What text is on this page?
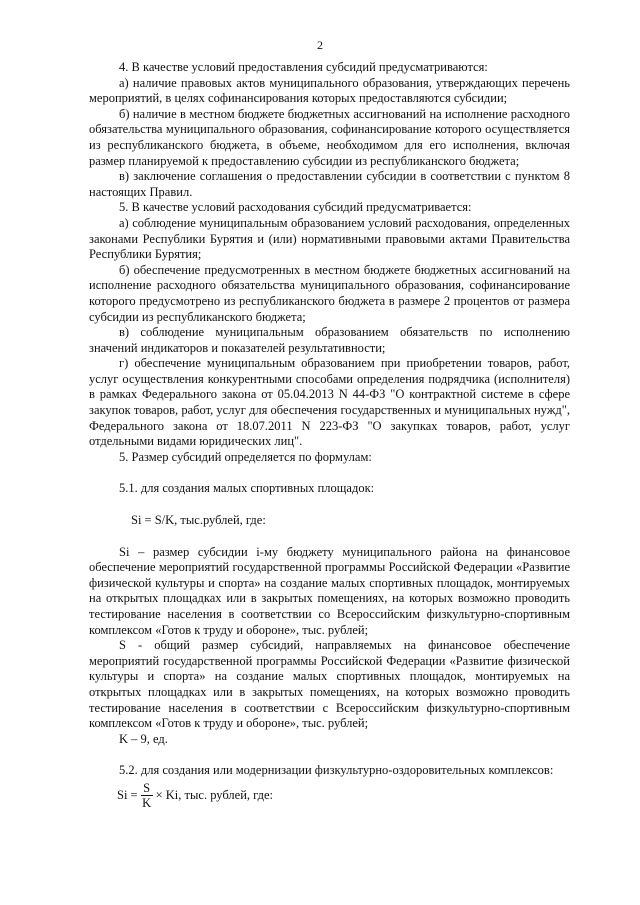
2

4. В качестве условий предоставления субсидий предусматриваются:

а) наличие правовых актов муниципального образования, утверждающих перечень мероприятий, в целях софинансирования которых предоставляются субсидии;

б) наличие в местном бюджете бюджетных ассигнований на исполнение расходного обязательства муниципального образования, софинансирование которого осуществляется из республиканского бюджета, в объеме, необходимом для его исполнения, включая размер планируемой к предоставлению субсидии из республиканского бюджета;

в) заключение соглашения о предоставлении субсидии в соответствии с пунктом 8 настоящих Правил.

5. В качестве условий расходования субсидий предусматривается:

а) соблюдение муниципальным образованием условий расходования, определенных законами Республики Бурятия и (или) нормативными правовыми актами Правительства Республики Бурятия;

б) обеспечение предусмотренных в местном бюджете бюджетных ассигнований на исполнение расходного обязательства муниципального образования, софинансирование которого предусмотрено из республиканского бюджета в размере 2 процентов от размера субсидии из республиканского бюджета;

в) соблюдение муниципальным образованием обязательств по исполнению значений индикаторов и показателей результативности;

г) обеспечение муниципальным образованием при приобретении товаров, работ, услуг осуществления конкурентными способами определения подрядчика (исполнителя) в рамках Федерального закона от 05.04.2013 N 44-ФЗ "О контрактной системе в сфере закупок товаров, работ, услуг для обеспечения государственных и муниципальных нужд", Федерального закона от 18.07.2011 N 223-ФЗ "О закупках товаров, работ, услуг отдельными видами юридических лиц".

5. Размер субсидий определяется по формулам:

5.1. для создания малых спортивных площадок:

Si = S/K, тыс.рублей, где:

Si – размер субсидии i-му бюджету муниципального района на финансовое обеспечение мероприятий государственной программы Российской Федерации «Развитие физической культуры и спорта» на создание малых спортивных площадок, монтируемых на открытых площадках или в закрытых помещениях, на которых возможно проводить тестирование населения в соответствии со Всероссийским физкультурно-спортивным комплексом «Готов к труду и обороне», тыс. рублей;

S - общий размер субсидий, направляемых на финансовое обеспечение мероприятий государственной программы Российской Федерации «Развитие физической культуры и спорта» на создание малых спортивных площадок, монтируемых на открытых площадках или в закрытых помещениях, на которых возможно проводить тестирование населения в соответствии с Всероссийским физкультурно-спортивным комплексом «Готов к труду и обороне», тыс. рублей;

K – 9, ед.

5.2. для создания или модернизации физкультурно-оздоровительных комплексов:

$Si = \frac{S}{K} \times Ki$, тыс. рублей, где:
